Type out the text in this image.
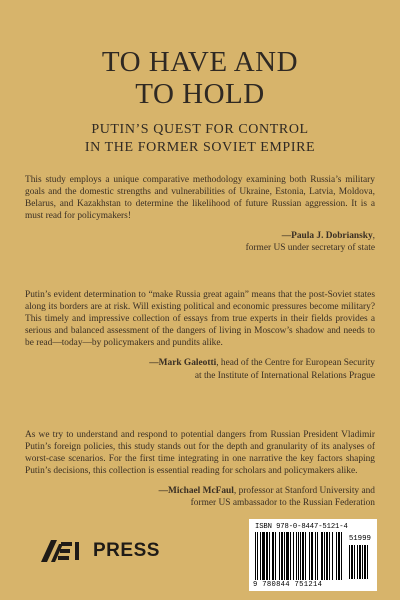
TO HAVE AND
TO HOLD
PUTIN’S QUEST FOR CONTROL
IN THE FORMER SOVIET EMPIRE
This study employs a unique comparative methodology examining both Russia’s military goals and the domestic strengths and vulnerabilities of Ukraine, Estonia, Latvia, Moldova, Belarus, and Kazakhstan to determine the likelihood of future Russian aggression. It is a must read for policymakers!
—Paula J. Dobriansky,
former US under secretary of state
Putin’s evident determination to “make Russia great again” means that the post-Soviet states along its borders are at risk. Will existing political and economic pressures become military? This timely and impressive collection of essays from true experts in their fields provides a serious and balanced assessment of the dangers of living in Moscow’s shadow and needs to be read—today—by policymakers and pundits alike.
—Mark Galeotti, head of the Centre for European Security
at the Institute of International Relations Prague
As we try to understand and respond to potential dangers from Russian President Vladimir Putin’s foreign policies, this study stands out for the depth and granularity of its analyses of worst-case scenarios. For the first time integrating in one narrative the key factors shaping Putin’s decisions, this collection is essential reading for scholars and policymakers alike.
—Michael McFaul, professor at Stanford University and
former US ambassador to the Russian Federation
PRESS
ISBN 978-0-8447-5121-4
51999
9 780844 751214
